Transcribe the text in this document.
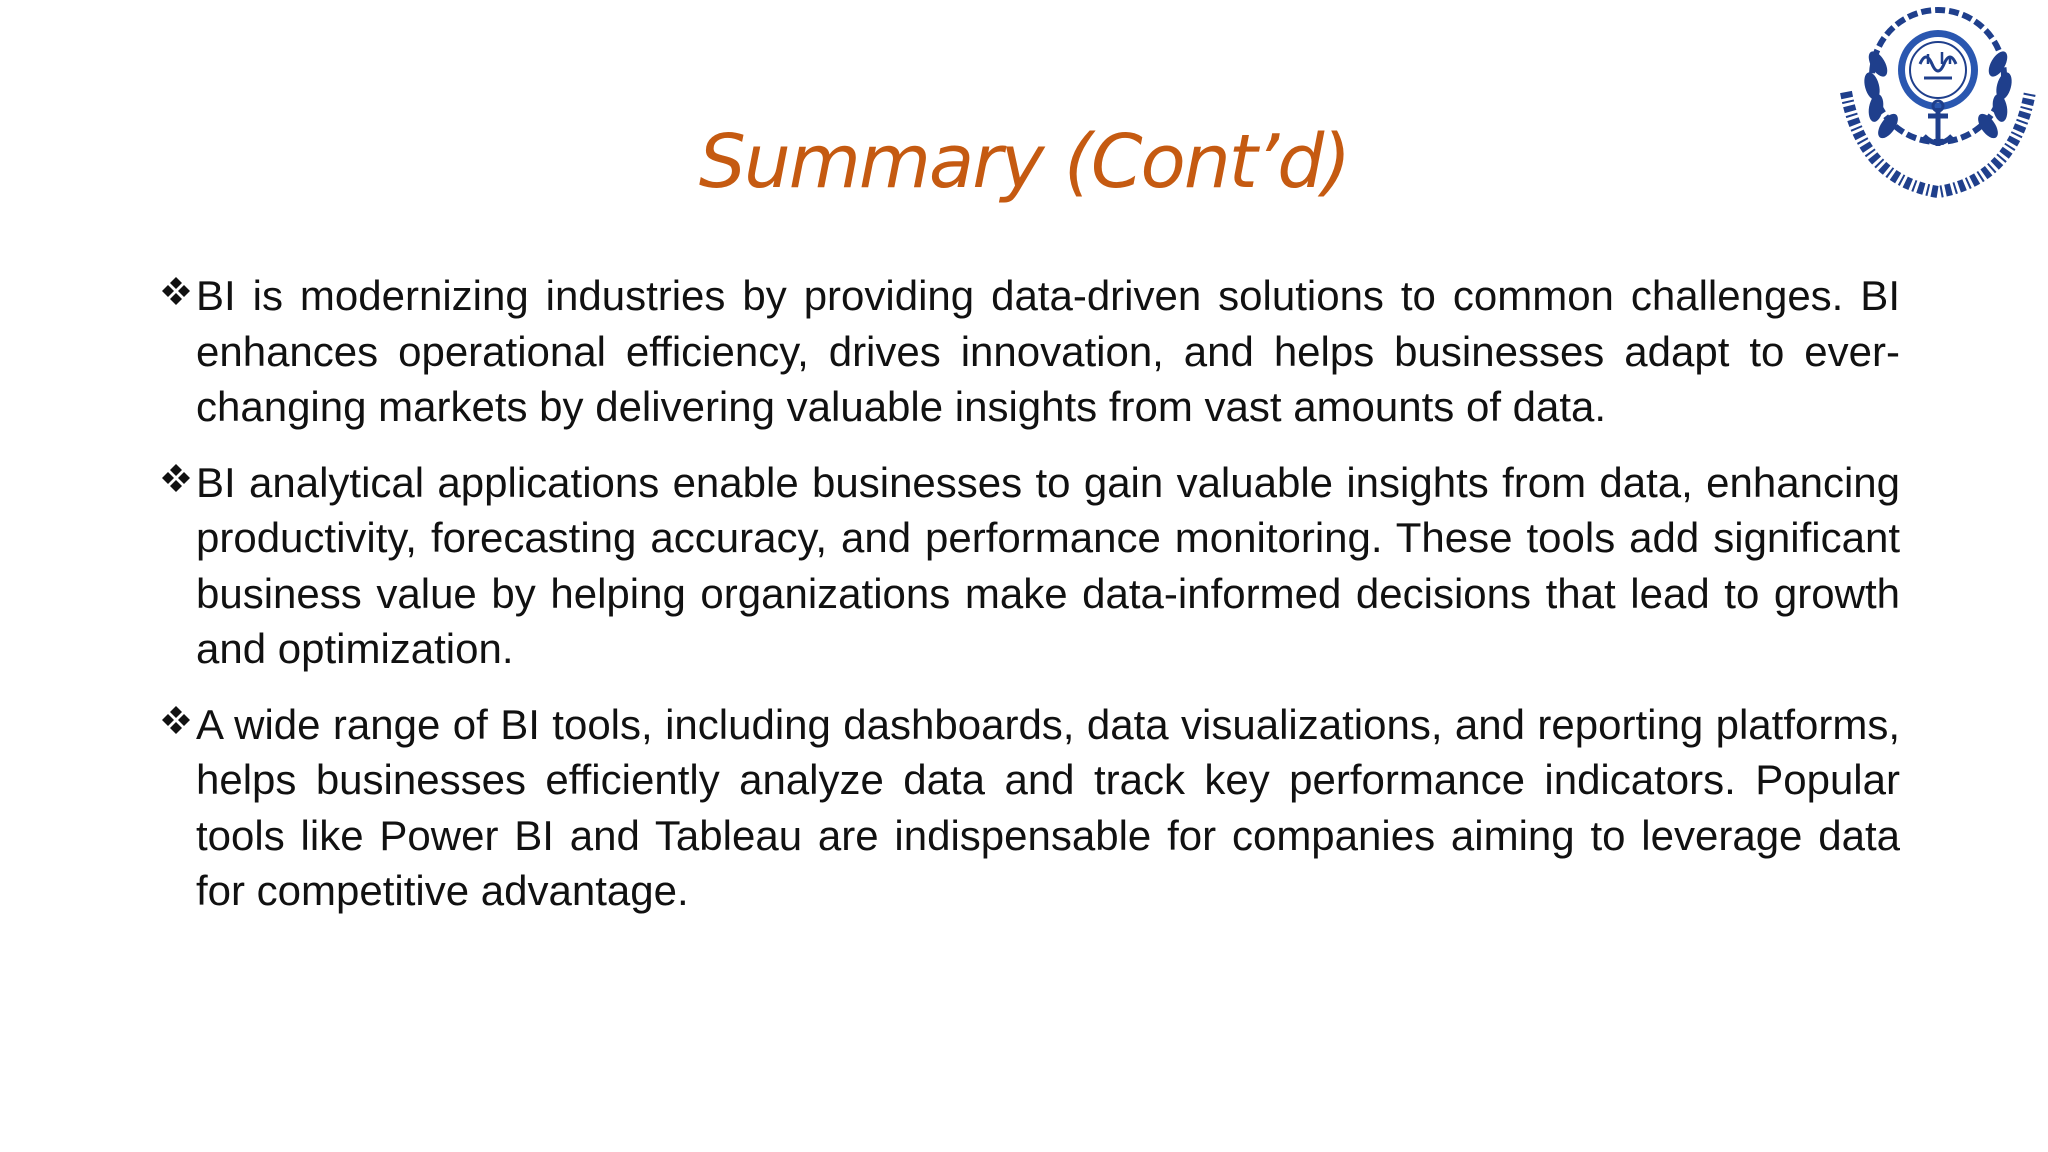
Summary (Cont’d)
BI is modernizing industries by providing data-driven solutions to common challenges. BI enhances operational efficiency, drives innovation, and helps businesses adapt to ever-changing markets by delivering valuable insights from vast amounts of data.
BI analytical applications enable businesses to gain valuable insights from data, enhancing productivity, forecasting accuracy, and performance monitoring. These tools add significant business value by helping organizations make data-informed decisions that lead to growth and optimization.
A wide range of BI tools, including dashboards, data visualizations, and reporting platforms, helps businesses efficiently analyze data and track key performance indicators. Popular tools like Power BI and Tableau are indispensable for companies aiming to leverage data for competitive advantage.
